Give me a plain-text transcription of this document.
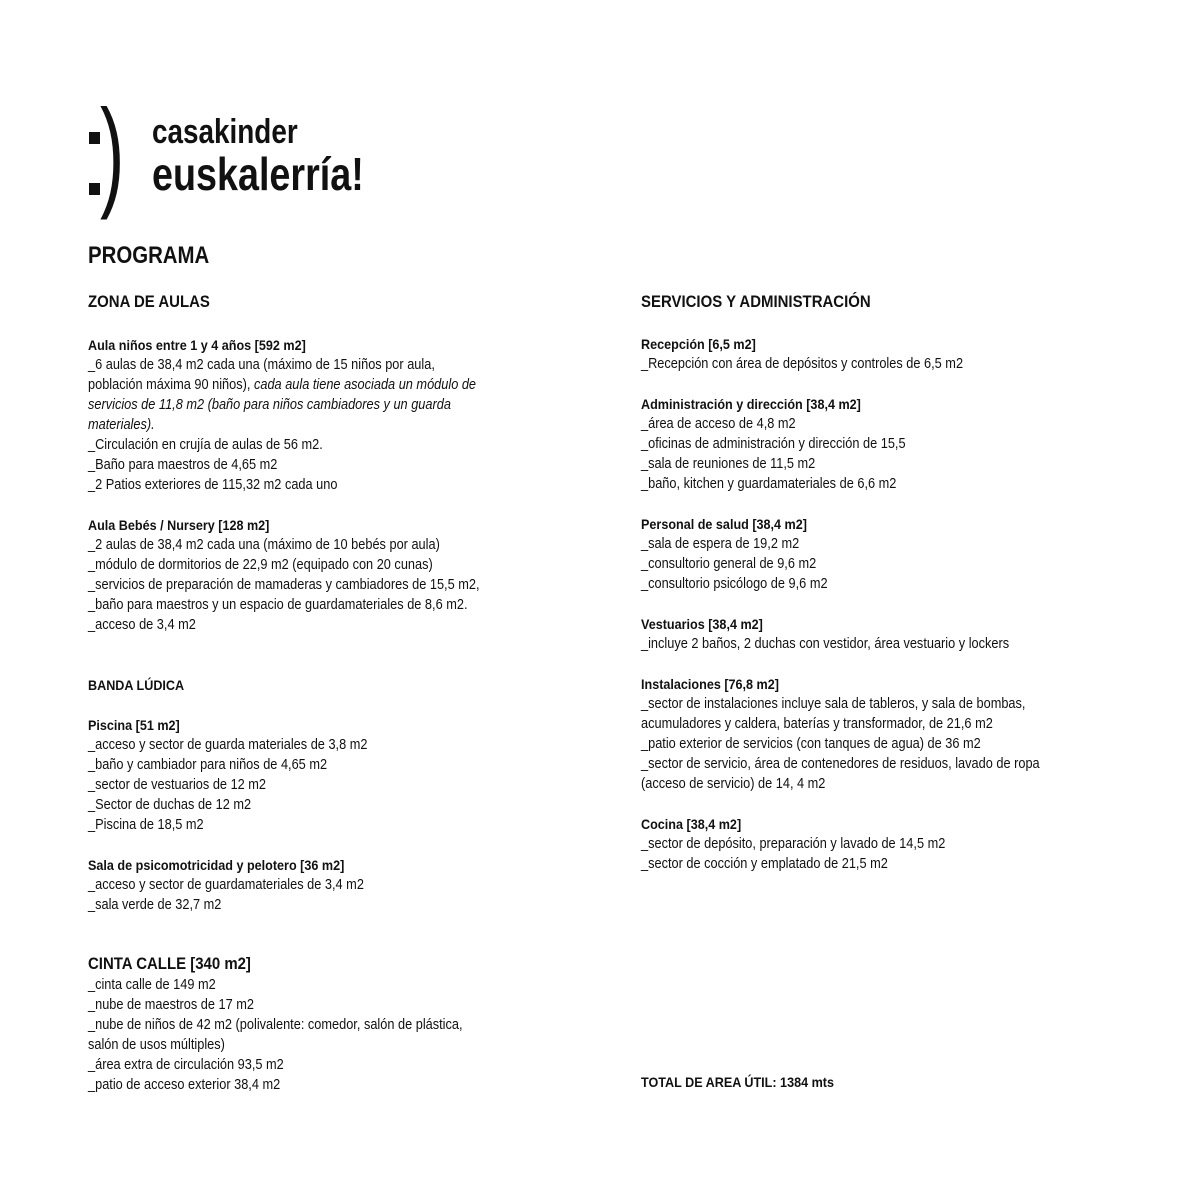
) casakinder
euskalerría!
PROGRAMA
ZONA DE AULAS
Aula niños entre 1 y 4 años [592 m2]
_6 aulas de 38,4 m2 cada una (máximo de 15 niños por aula,
población máxima 90 niños), cada aula tiene asociada un módulo de
servicios de 11,8 m2 (baño para niños cambiadores y un guarda
materiales).
_Circulación en crujía de aulas de 56 m2.
_Baño para maestros de 4,65 m2
_2 Patios exteriores de 115,32 m2 cada uno
Aula Bebés / Nursery [128 m2]
_2 aulas de 38,4 m2 cada una (máximo de 10 bebés por aula)
_módulo de dormitorios de 22,9 m2 (equipado con 20 cunas)
_servicios de preparación de mamaderas y cambiadores de 15,5 m2,
_baño para maestros y un espacio de guardamateriales de 8,6 m2.
_acceso de 3,4 m2
BANDA LÚDICA
Piscina [51 m2]
_acceso y sector de guarda materiales de 3,8 m2
_baño y cambiador para niños de 4,65 m2
_sector de vestuarios de 12 m2
_Sector de duchas de 12 m2
_Piscina de 18,5 m2
Sala de psicomotricidad y pelotero [36 m2]
_acceso y sector de guardamateriales de 3,4 m2
_sala verde de 32,7 m2
CINTA CALLE [340 m2]
_cinta calle de 149 m2
_nube de maestros de 17 m2
_nube de niños de 42 m2 (polivalente: comedor, salón de plástica,
salón de usos múltiples)
_área extra de circulación 93,5 m2
_patio de acceso exterior 38,4 m2
SERVICIOS Y ADMINISTRACIÓN
Recepción [6,5 m2]
_Recepción con área de depósitos y controles de 6,5 m2
Administración y dirección [38,4 m2]
_área de acceso de 4,8 m2
_oficinas de administración y dirección de 15,5
_sala de reuniones de 11,5 m2
_baño, kitchen y guardamateriales de 6,6 m2
Personal de salud [38,4 m2]
_sala de espera de 19,2 m2
_consultorio general de 9,6 m2
_consultorio psicólogo de 9,6 m2
Vestuarios [38,4 m2]
_incluye 2 baños, 2 duchas con vestidor, área vestuario y lockers
Instalaciones [76,8 m2]
_sector de instalaciones incluye sala de tableros, y sala de bombas,
acumuladores y caldera, baterías y transformador, de 21,6 m2
_patio exterior de servicios (con tanques de agua) de 36 m2
_sector de servicio, área de contenedores de residuos, lavado de ropa
(acceso de servicio) de 14, 4 m2
Cocina [38,4 m2]
_sector de depósito, preparación y lavado de 14,5 m2
_sector de cocción y emplatado de 21,5 m2
TOTAL DE AREA ÚTIL: 1384 mts
